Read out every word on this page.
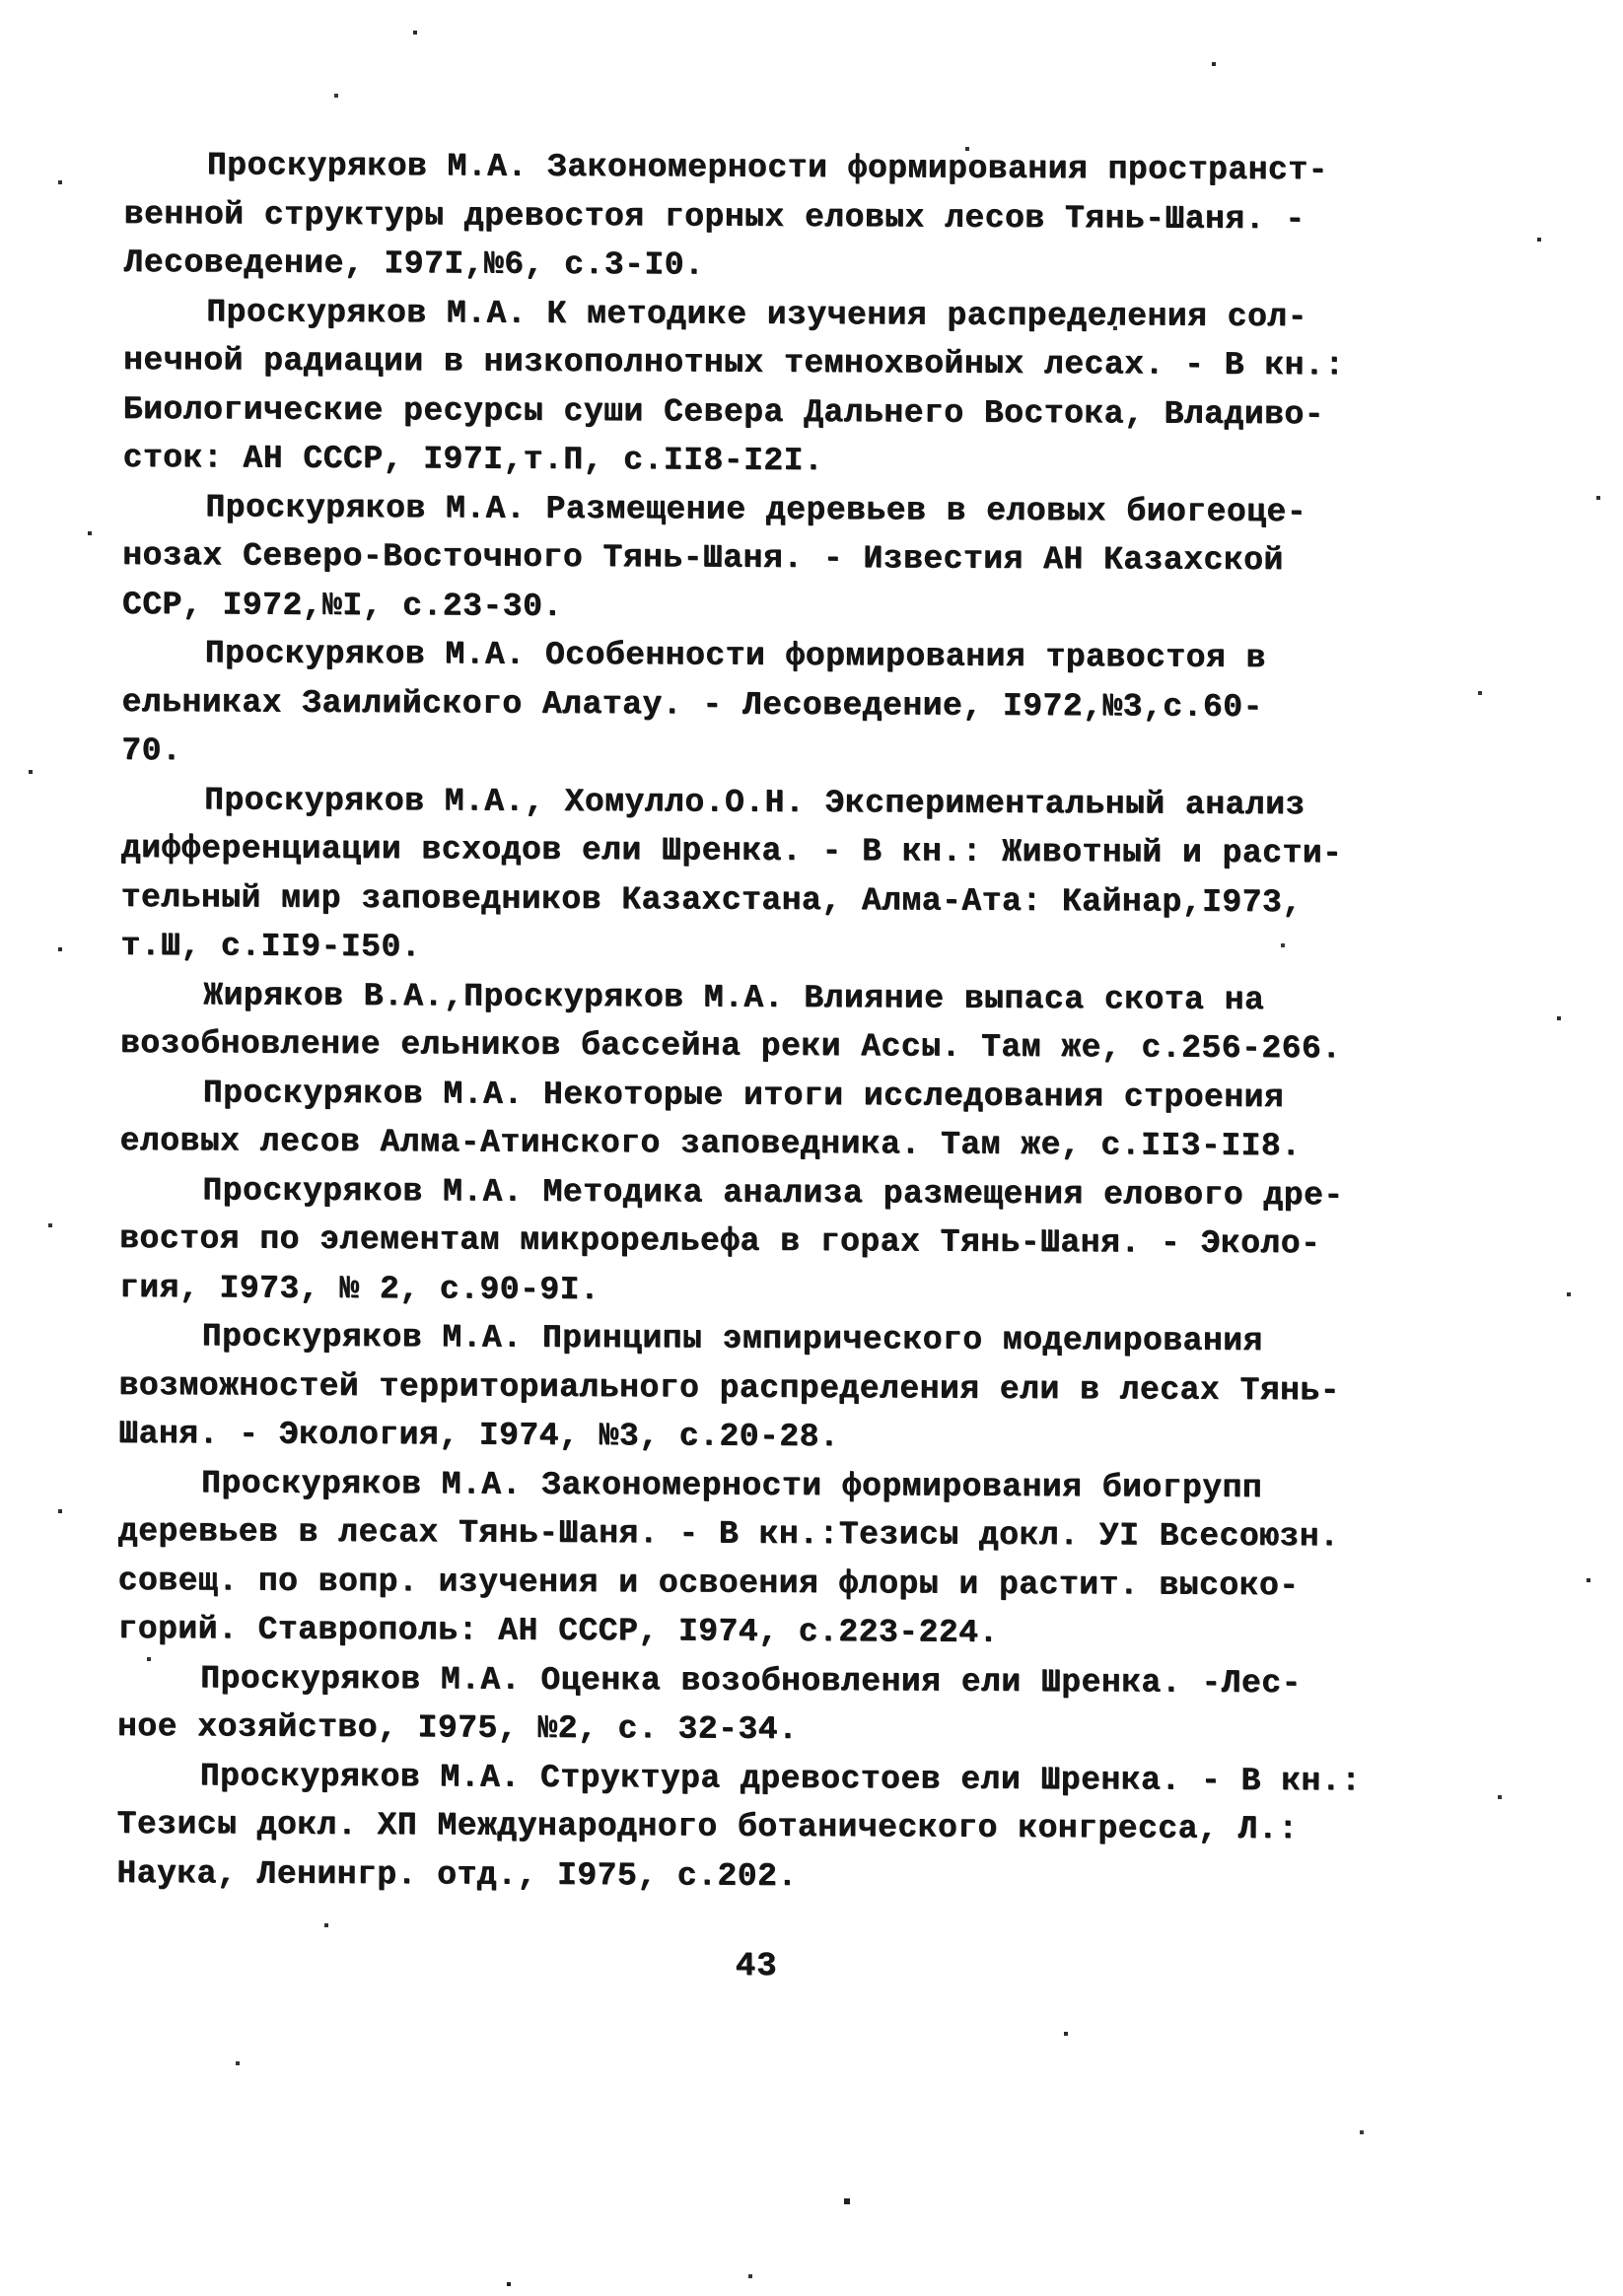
Проскуряков М.А. Закономерности формирования пространст-
венной структуры древостоя горных еловых лесов Тянь-Шаня. -
Лесоведение, I97I,№6, с.3-I0.

Проскуряков М.А. К методике изучения распределения сол-
нечной радиации в низкополнотных темнохвойных лесах. - В кн.:
Биологические ресурсы суши Севера Дальнего Востока, Владиво-
сток: АН СССР, I97I,т.П, с.II8-I2I.

Проскуряков М.А. Размещение деревьев в еловых биогеоце-
нозах Северо-Восточного Тянь-Шаня. - Известия АН Казахской
ССР, I972,№I, с.23-30.

Проскуряков М.А. Особенности формирования травостоя в
ельниках Заилийского Алатау. - Лесоведение, I972,№3,с.60-
70.

Проскуряков М.А., Хомулло.О.Н. Экспериментальный анализ
дифференциации всходов ели Шренка. - В кн.: Животный и расти-
тельный мир заповедников Казахстана, Алма-Ата: Кайнар,I973,
т.Ш, с.II9-I50.

Жиряков В.А.,Проскуряков М.А. Влияние выпаса скота на
возобновление ельников бассейна реки Ассы. Там же, с.256-266.

Проскуряков М.А. Некоторые итоги исследования строения
еловых лесов Алма-Атинского заповедника. Там же, с.II3-II8.

Проскуряков М.А. Методика анализа размещения елового дре-
востоя по элементам микрорельефа в горах Тянь-Шаня. - Эколо-
гия, I973, № 2, с.90-9I.

Проскуряков М.А. Принципы эмпирического моделирования
возможностей территориального распределения ели в лесах Тянь-
Шаня. - Экология, I974, №3, с.20-28.

Проскуряков М.А. Закономерности формирования биогрупп
деревьев в лесах Тянь-Шаня. - В кн.:Тезисы докл. УI Всесоюзн.
совещ. по вопр. изучения и освоения флоры и растит. высоко-
горий. Ставрополь: АН СССР, I974, с.223-224.

Проскуряков М.А. Оценка возобновления ели Шренка. -Лес-
ное хозяйство, I975, №2, с. 32-34.

Проскуряков М.А. Структура древостоев ели Шренка. - В кн.:
Тезисы докл. ХП Международного ботанического конгресса, Л.:
Наука, Ленингр. отд., I975, с.202.

43
